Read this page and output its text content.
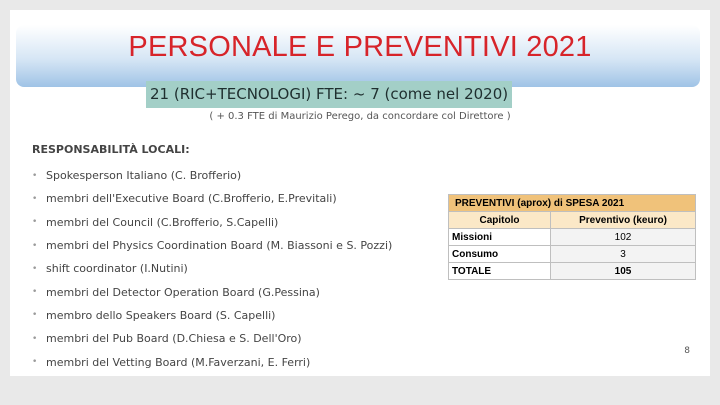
PERSONALE E PREVENTIVI 2021
21 (RIC+TECNOLOGI) FTE: ~ 7 (come nel 2020)
( + 0.3 FTE di Maurizio Perego, da concordare col Direttore )
RESPONSABILITÀ LOCALI:
• Spokesperson Italiano (C. Brofferio)
• membri dell'Executive Board (C.Brofferio, E.Previtali)
• membri del Council (C.Brofferio, S.Capelli)
• membri del Physics Coordination Board (M. Biassoni e S. Pozzi)
• shift coordinator (I.Nutini)
• membri del Detector Operation Board (G.Pessina)
• membro dello Speakers Board (S. Capelli)
• membri del Pub Board (D.Chiesa e S. Dell'Oro)
• membri del Vetting Board (M.Faverzani, E. Ferri)
PREVENTIVI (aprox) di SPESA 2021	
Capitolo	Preventivo (keuro)
Missioni	102
Consumo	3
TOTALE	105
8
